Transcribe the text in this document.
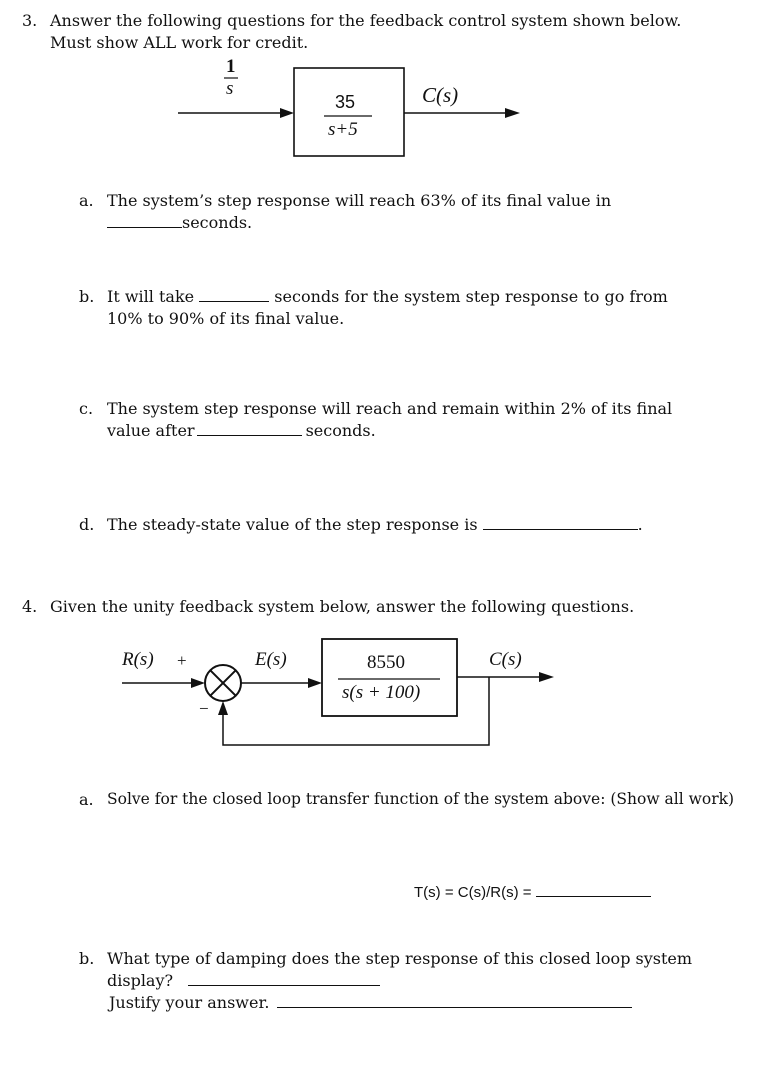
3. Answer the following questions for the feedback control system shown below.
Must show ALL work for credit.
1
s
35
s+5
C(s)
a. The system’s step response will reach 63% of its final value in
seconds.
b. It will take	seconds for the system step response to go from
10% to 90% of its final value.
c. The system step response will reach and remain within 2% of its final
value after	seconds.
d. The steady-state value of the step response is	.
4. Given the unity feedback system below, answer the following questions.
R(s) +
−
E(s)	8550
s(s + 100)
C(s)
a. Solve for the closed loop transfer function of the system above: (Show all work)
T(s) = C(s)/R(s) =
b. What type of damping does the step response of this closed loop system
display?
Justify your answer.
